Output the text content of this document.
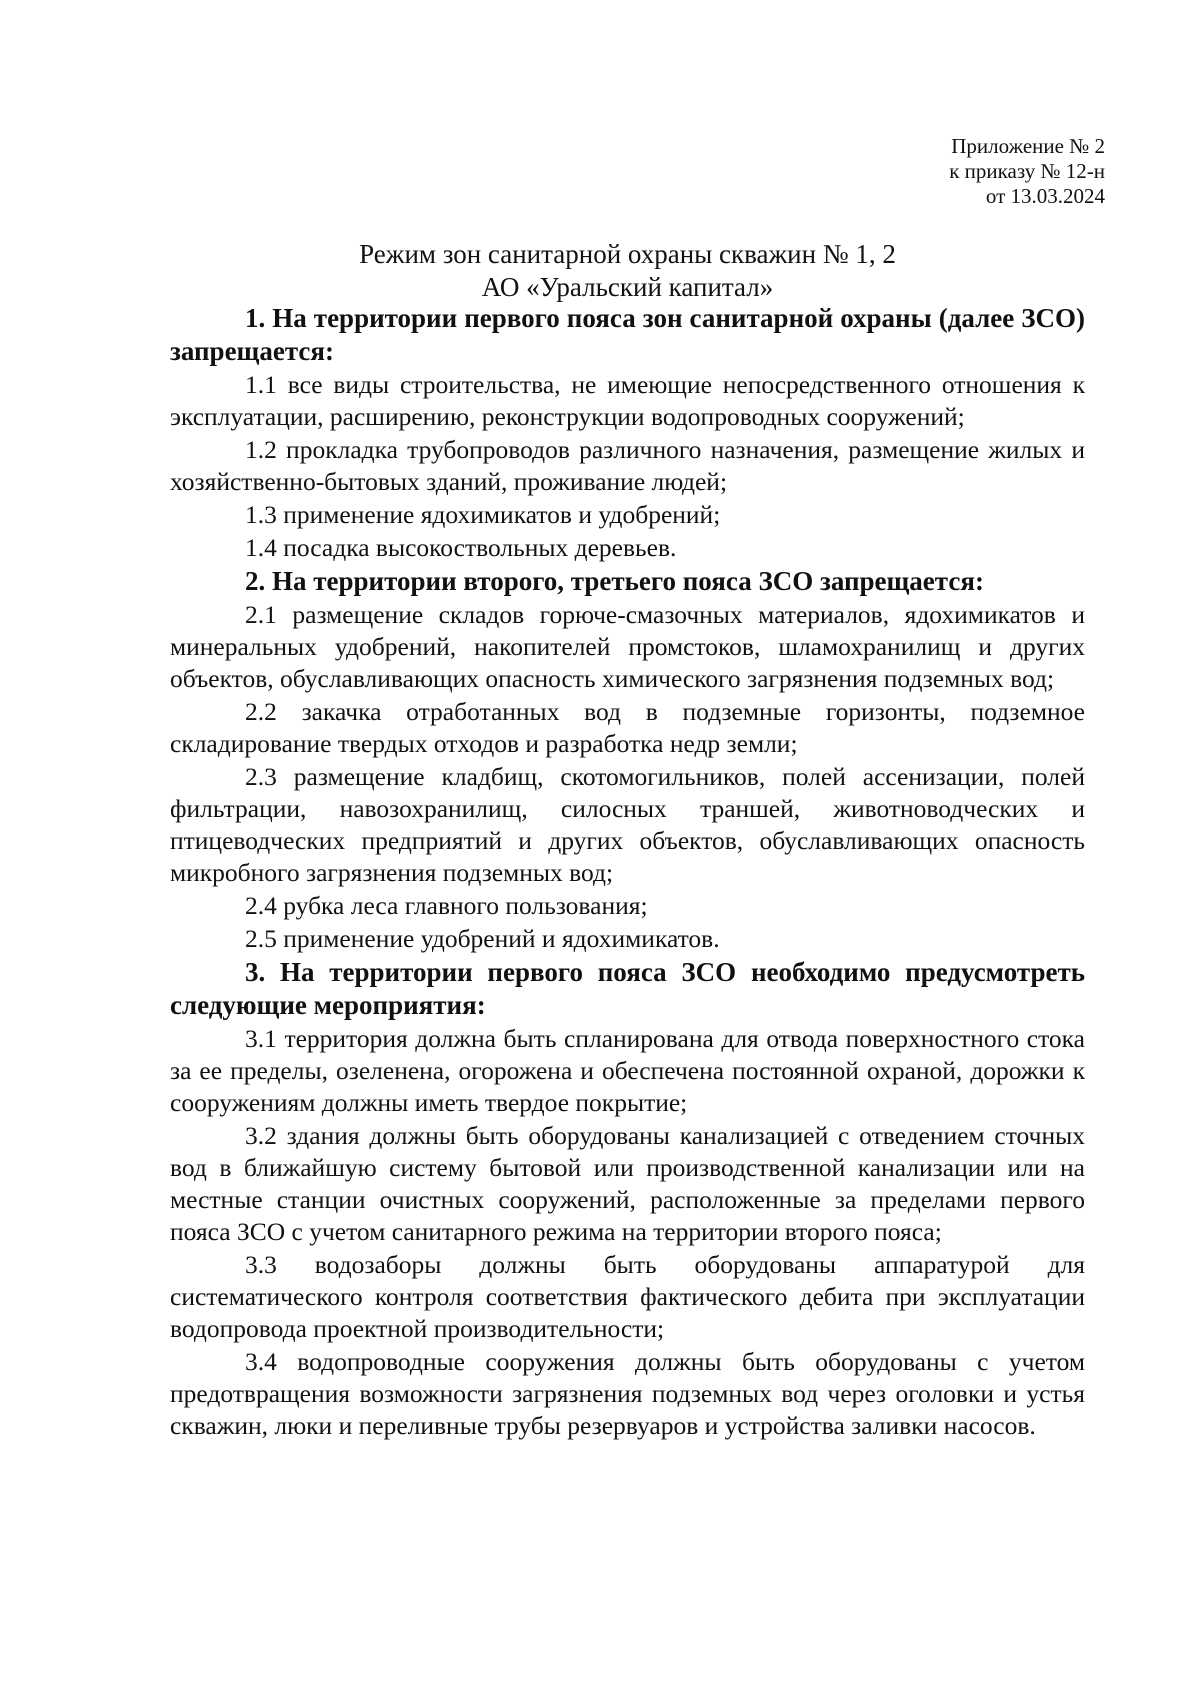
Приложение № 2
к приказу № 12-н
от 13.03.2024
Режим зон санитарной охраны скважин № 1, 2
АО «Уральский капитал»
1. На территории первого пояса зон санитарной охраны (далее ЗСО) запрещается:
1.1 все виды строительства, не имеющие непосредственного отношения к эксплуатации, расширению, реконструкции водопроводных сооружений;
1.2 прокладка трубопроводов различного назначения, размещение жилых и хозяйственно-бытовых зданий, проживание людей;
1.3 применение ядохимикатов и удобрений;
1.4 посадка высокоствольных деревьев.
2. На территории второго, третьего пояса ЗСО запрещается:
2.1 размещение складов горюче-смазочных материалов, ядохимикатов и минеральных удобрений, накопителей промстоков, шламохранилищ и других объектов, обуславливающих опасность химического загрязнения подземных вод;
2.2 закачка отработанных вод в подземные горизонты, подземное складирование твердых отходов и разработка недр земли;
2.3 размещение кладбищ, скотомогильников, полей ассенизации, полей фильтрации, навозохранилищ, силосных траншей, животноводческих и птицеводческих предприятий и других объектов, обуславливающих опасность микробного загрязнения подземных вод;
2.4 рубка леса главного пользования;
2.5 применение удобрений и ядохимикатов.
3. На территории первого пояса ЗСО необходимо предусмотреть следующие мероприятия:
3.1 территория должна быть спланирована для отвода поверхностного стока за ее пределы, озеленена, огорожена и обеспечена постоянной охраной, дорожки к сооружениям должны иметь твердое покрытие;
3.2 здания должны быть оборудованы канализацией с отведением сточных вод в ближайшую систему бытовой или производственной канализации или на местные станции очистных сооружений, расположенные за пределами первого пояса ЗСО с учетом санитарного режима на территории второго пояса;
3.3 водозаборы должны быть оборудованы аппаратурой для систематического контроля соответствия фактического дебита при эксплуатации водопровода проектной производительности;
3.4 водопроводные сооружения должны быть оборудованы с учетом предотвращения возможности загрязнения подземных вод через оголовки и устья скважин, люки и переливные трубы резервуаров и устройства заливки насосов.
